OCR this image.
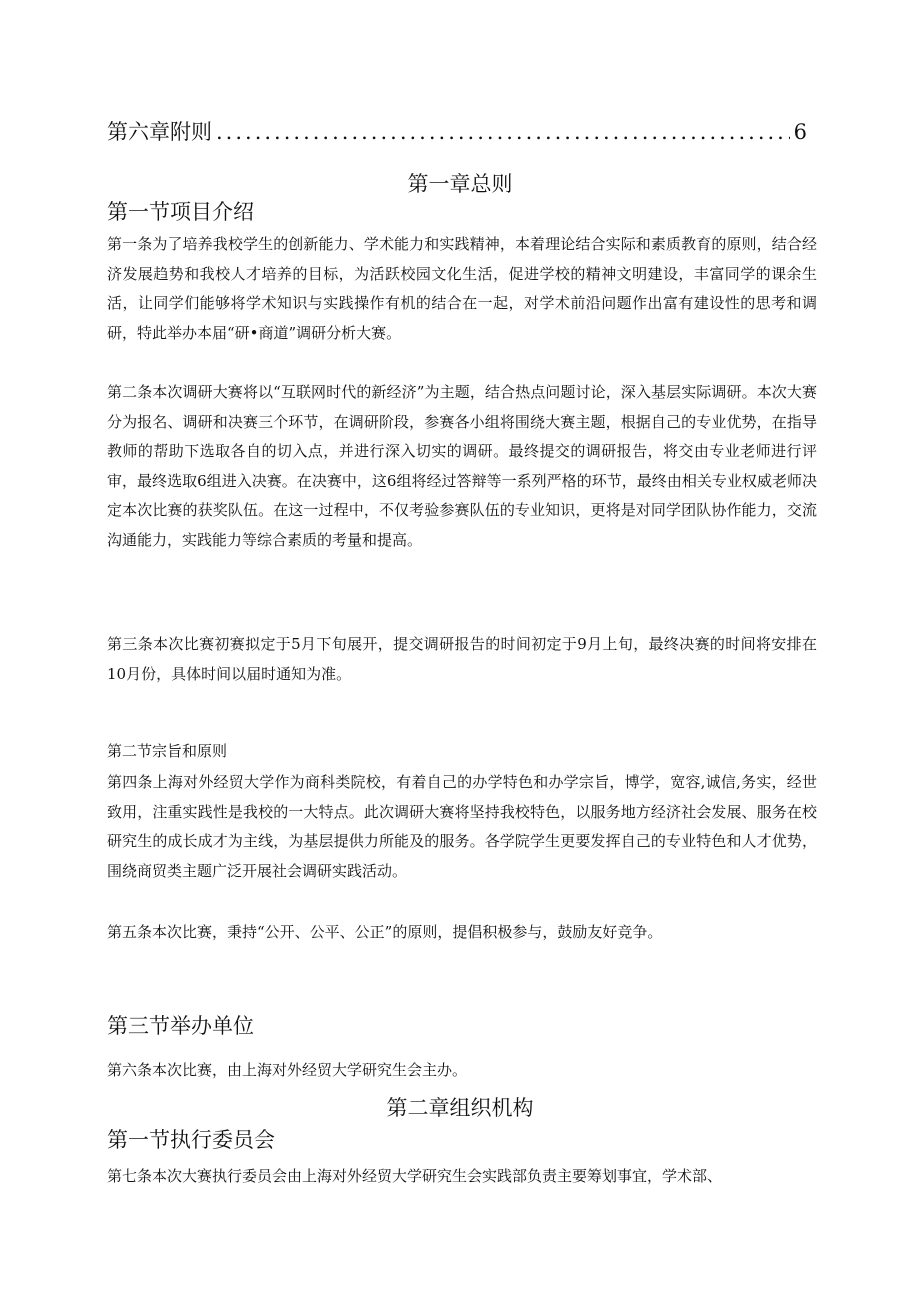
第六章附则
.....	6
第一章总则
第一节项目介绍

第一条为了培养我校学生的创新能力、学术能力和实践精神，本着理论结合实际和素质教育的原则，结合经济发展趋势和我校人才培养的目标，为活跃校园文化生活，促进学校的精神文明建设，丰富同学的课余生活，让同学们能够将学术知识与实践操作有机的结合在一起，对学术前沿问题作出富有建设性的思考和调研，特此举办本届“研•商道”调研分析大赛。

第二条本次调研大赛将以“互联网时代的新经济”为主题，结合热点问题讨论，深入基层实际调研。本次大赛分为报名、调研和决赛三个环节，在调研阶段，参赛各小组将围绕大赛主题，根据自己的专业优势，在指导教师的帮助下选取各自的切入点，并进行深入切实的调研。最终提交的调研报告，将交由专业老师进行评审，最终选取6组进入决赛。在决赛中，这6组将经过答辩等一系列严格的环节，最终由相关专业权威老师决定本次比赛的获奖队伍。在这一过程中，不仅考验参赛队伍的专业知识，更将是对同学团队协作能力，交流沟通能力，实践能力等综合素质的考量和提高。

第三条本次比赛初赛拟定于5月下旬展开，提交调研报告的时间初定于9月上旬，最终决赛的时间将安排在10月份，具体时间以届时通知为准。

第二节宗旨和原则

第四条上海对外经贸大学作为商科类院校，有着自己的办学特色和办学宗旨，博学，宽容,诚信,务实，经世致用，注重实践性是我校的一大特点。此次调研大赛将坚持我校特色，以服务地方经济社会发展、服务在校研究生的成长成才为主线，为基层提供力所能及的服务。各学院学生更要发挥自己的专业特色和人才优势，围绕商贸类主题广泛开展社会调研实践活动。

第五条本次比赛，秉持“公开、公平、公正”的原则，提倡积极参与，鼓励友好竞争。

第三节举办单位

第六条本次比赛，由上海对外经贸大学研究生会主办。

第二章组织机构
第一节执行委员会

第七条本次大赛执行委员会由上海对外经贸大学研究生会实践部负责主要筹划事宜，学术部、
